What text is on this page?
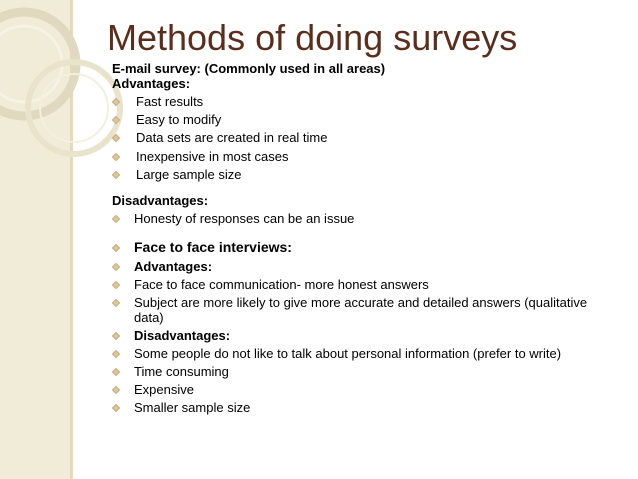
Methods of doing surveys
E-mail survey: (Commonly used in all areas)
Advantages:
Fast results
Easy to modify
Data sets are created in real time
Inexpensive in most cases
Large sample size
Disadvantages:
Honesty of responses can be an issue
Face to face interviews:
Advantages:
Face to face communication- more honest answers
Subject are more likely to give more accurate and detailed answers (qualitative data)
Disadvantages:
Some people do not like to talk about personal information (prefer to write)
Time consuming
Expensive
Smaller sample size
